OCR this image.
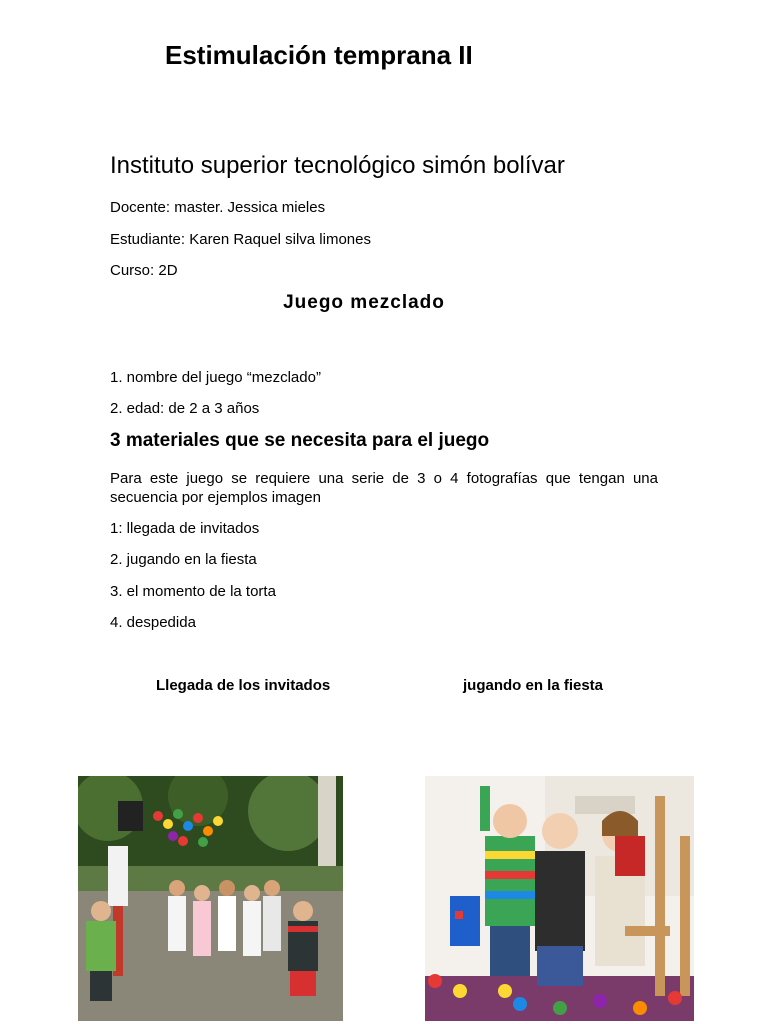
Estimulación temprana II
Instituto superior tecnológico simón bolívar
Docente: master. Jessica mieles
Estudiante: Karen Raquel silva limones
Curso: 2D
Juego mezclado
1. nombre del juego “mezclado”
2. edad: de 2 a 3 años
3 materiales que se necesita para el juego
Para este juego se requiere una serie de 3 o 4 fotografías que tengan una secuencia por ejemplos imagen
1: llegada de invitados
2. jugando en la fiesta
3. el momento de la torta
4. despedida
Llegada de los invitados	jugando en la fiesta
